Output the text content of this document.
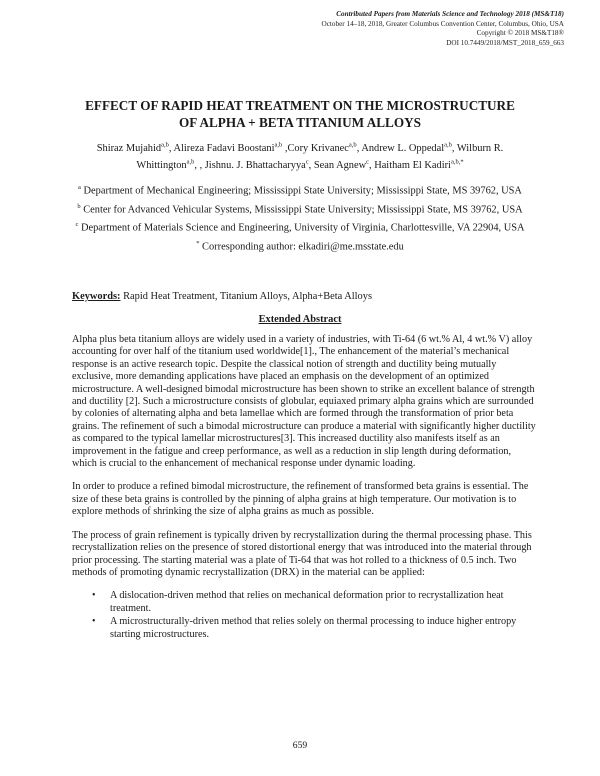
Contributed Papers from Materials Science and Technology 2018 (MS&T18)
October 14–18, 2018, Greater Columbus Convention Center, Columbus, Ohio, USA
Copyright © 2018 MS&T18®
DOI 10.7449/2018/MST_2018_659_663
EFFECT OF RAPID HEAT TREATMENT ON THE MICROSTRUCTURE
OF ALPHA + BETA TITANIUM ALLOYS
Shiraz Mujahid$^{a,b}$, Alireza Fadavi Boostani$^{a,b}$ ,Cory Krivanec$^{a,b}$, Andrew L. Oppedal$^{a,b}$, Wilburn R. Whittington$^{a,b}$, , Jishnu. J. Bhattacharyya$^c$, Sean Agnew$^c$, Haitham El Kadiri$^{a,b,*}$
$^a$ Department of Mechanical Engineering; Mississippi State University; Mississippi State, MS 39762, USA
$^b$ Center for Advanced Vehicular Systems, Mississippi State University; Mississippi State, MS 39762, USA
$^c$ Department of Materials Science and Engineering, University of Virginia, Charlottesville, VA 22904, USA
* Corresponding author: elkadiri@me.msstate.edu
Keywords: Rapid Heat Treatment, Titanium Alloys, Alpha+Beta Alloys
Extended Abstract

Alpha plus beta titanium alloys are widely used in a variety of industries, with Ti-64 (6 wt.% Al, 4 wt.% V) alloy accounting for over half of the titanium used worldwide[1]., The enhancement of the material’s mechanical response is an active research topic. Despite the classical notion of strength and ductility being mutually exclusive, more demanding applications have placed an emphasis on the development of an optimized microstructure. A well-designed bimodal microstructure has been shown to strike an excellent balance of strength and ductility [2]. Such a microstructure consists of globular, equiaxed primary alpha grains which are surrounded by colonies of alternating alpha and beta lamellae which are formed through the transformation of prior beta grains. The refinement of such a bimodal microstructure can produce a material with significantly higher ductility as compared to the typical lamellar microstructures[3]. This increased ductility also manifests itself as an improvement in the fatigue and creep performance, as well as a reduction in slip length during deformation, which is crucial to the enhancement of mechanical response under dynamic loading.

In order to produce a refined bimodal microstructure, the refinement of transformed beta grains is essential. The size of these beta grains is controlled by the pinning of alpha grains at high temperature. Our motivation is to explore methods of shrinking the size of alpha grains as much as possible.

The process of grain refinement is typically driven by recrystallization during the thermal processing phase. This recrystallization relies on the presence of stored distortional energy that was introduced into the material through prior processing. The starting material was a plate of Ti-64 that was hot rolled to a thickness of 0.5 inch. Two methods of promoting dynamic recrystallization (DRX) in the material can be applied:

• A dislocation-driven method that relies on mechanical deformation prior to recrystallization heat treatment.
• A microstructurally-driven method that relies solely on thermal processing to induce higher entropy starting microstructures.
659
